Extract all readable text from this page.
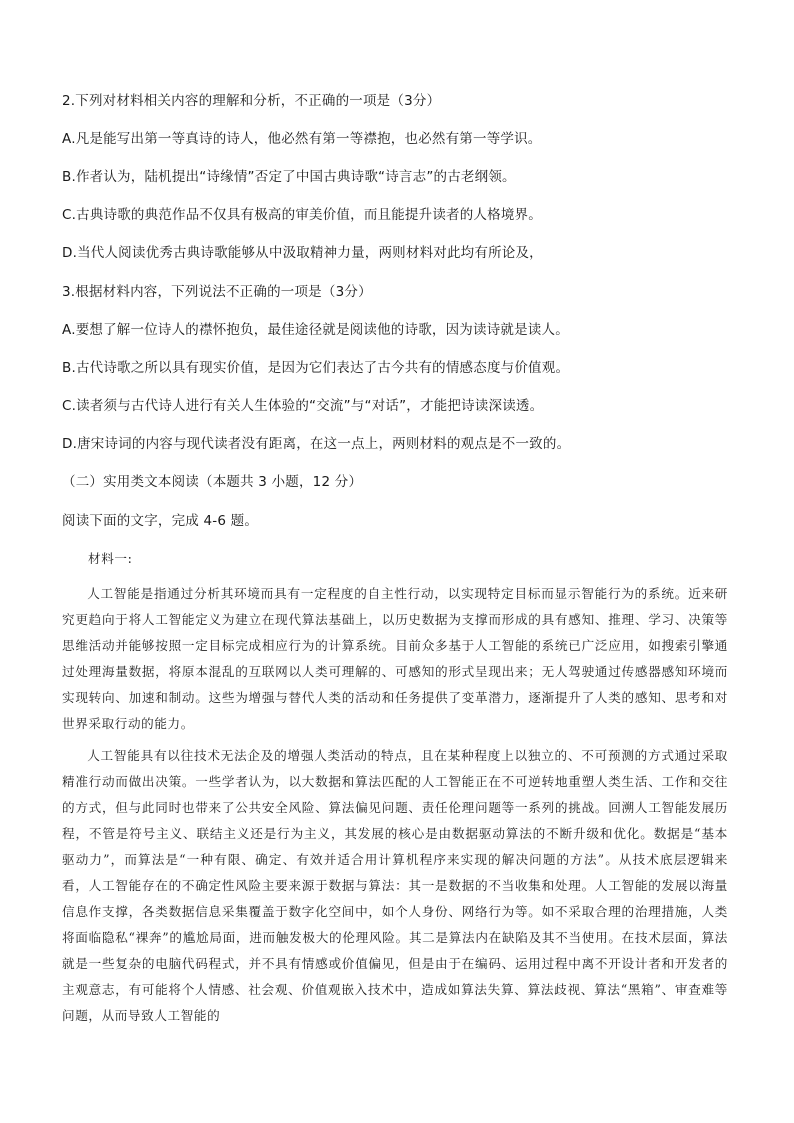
2.下列对材料相关内容的理解和分析，不正确的一项是（3分）
A.凡是能写出第一等真诗的诗人，他必然有第一等襟抱，也必然有第一等学识。
B.作者认为，陆机提出“诗缘情”否定了中国古典诗歌“诗言志”的古老纲领。
C.古典诗歌的典范作品不仅具有极高的审美价值，而且能提升读者的人格境界。
D.当代人阅读优秀古典诗歌能够从中汲取精神力量，两则材料对此均有所论及，
3.根据材料内容，下列说法不正确的一项是（3分）
A.要想了解一位诗人的襟怀抱负，最佳途径就是阅读他的诗歌，因为读诗就是读人。
B.古代诗歌之所以具有现实价值，是因为它们表达了古今共有的情感态度与价值观。
C.读者须与古代诗人进行有关人生体验的“交流”与“对话”，才能把诗读深读透。
D.唐宋诗词的内容与现代读者没有距离，在这一点上，两则材料的观点是不一致的。
（二）实用类文本阅读（本题共 3 小题，12 分）
阅读下面的文字，完成 4-6 题。
材料一:
人工智能是指通过分析其环境而具有一定程度的自主性行动，以实现特定目标而显示智能行为的系统。近来研究更趋向于将人工智能定义为建立在现代算法基础上，以历史数据为支撑而形成的具有感知、推理、学习、决策等思维活动并能够按照一定目标完成相应行为的计算系统。目前众多基于人工智能的系统已广泛应用，如搜索引擎通过处理海量数据，将原本混乱的互联网以人类可理解的、可感知的形式呈现出来；无人驾驶通过传感器感知环境而实现转向、加速和制动。这些为增强与替代人类的活动和任务提供了变革潜力，逐渐提升了人类的感知、思考和对世界采取行动的能力。
人工智能具有以往技术无法企及的增强人类活动的特点，且在某种程度上以独立的、不可预测的方式通过采取精准行动而做出决策。一些学者认为，以大数据和算法匹配的人工智能正在不可逆转地重塑人类生活、工作和交往的方式，但与此同时也带来了公共安全风险、算法偏见问题、责任伦理问题等一系列的挑战。回溯人工智能发展历程，不管是符号主义、联结主义还是行为主义，其发展的核心是由数据驱动算法的不断升级和优化。数据是“基本驱动力”，而算法是“一种有限、确定、有效并适合用计算机程序来实现的解决问题的方法”。从技术底层逻辑来看，人工智能存在的不确定性风险主要来源于数据与算法：其一是数据的不当收集和处理。人工智能的发展以海量信息作支撑，各类数据信息采集覆盖于数字化空间中，如个人身份、网络行为等。如不采取合理的治理措施，人类将面临隐私“裸奔”的尴尬局面，进而触发极大的伦理风险。其二是算法内在缺陷及其不当使用。在技术层面，算法就是一些复杂的电脑代码程式，并不具有情感或价值偏见，但是由于在编码、运用过程中离不开设计者和开发者的主观意志，有可能将个人情感、社会观、价值观嵌入技术中，造成如算法失算、算法歧视、算法“黑箱”、审查难等问题，从而导致人工智能的
